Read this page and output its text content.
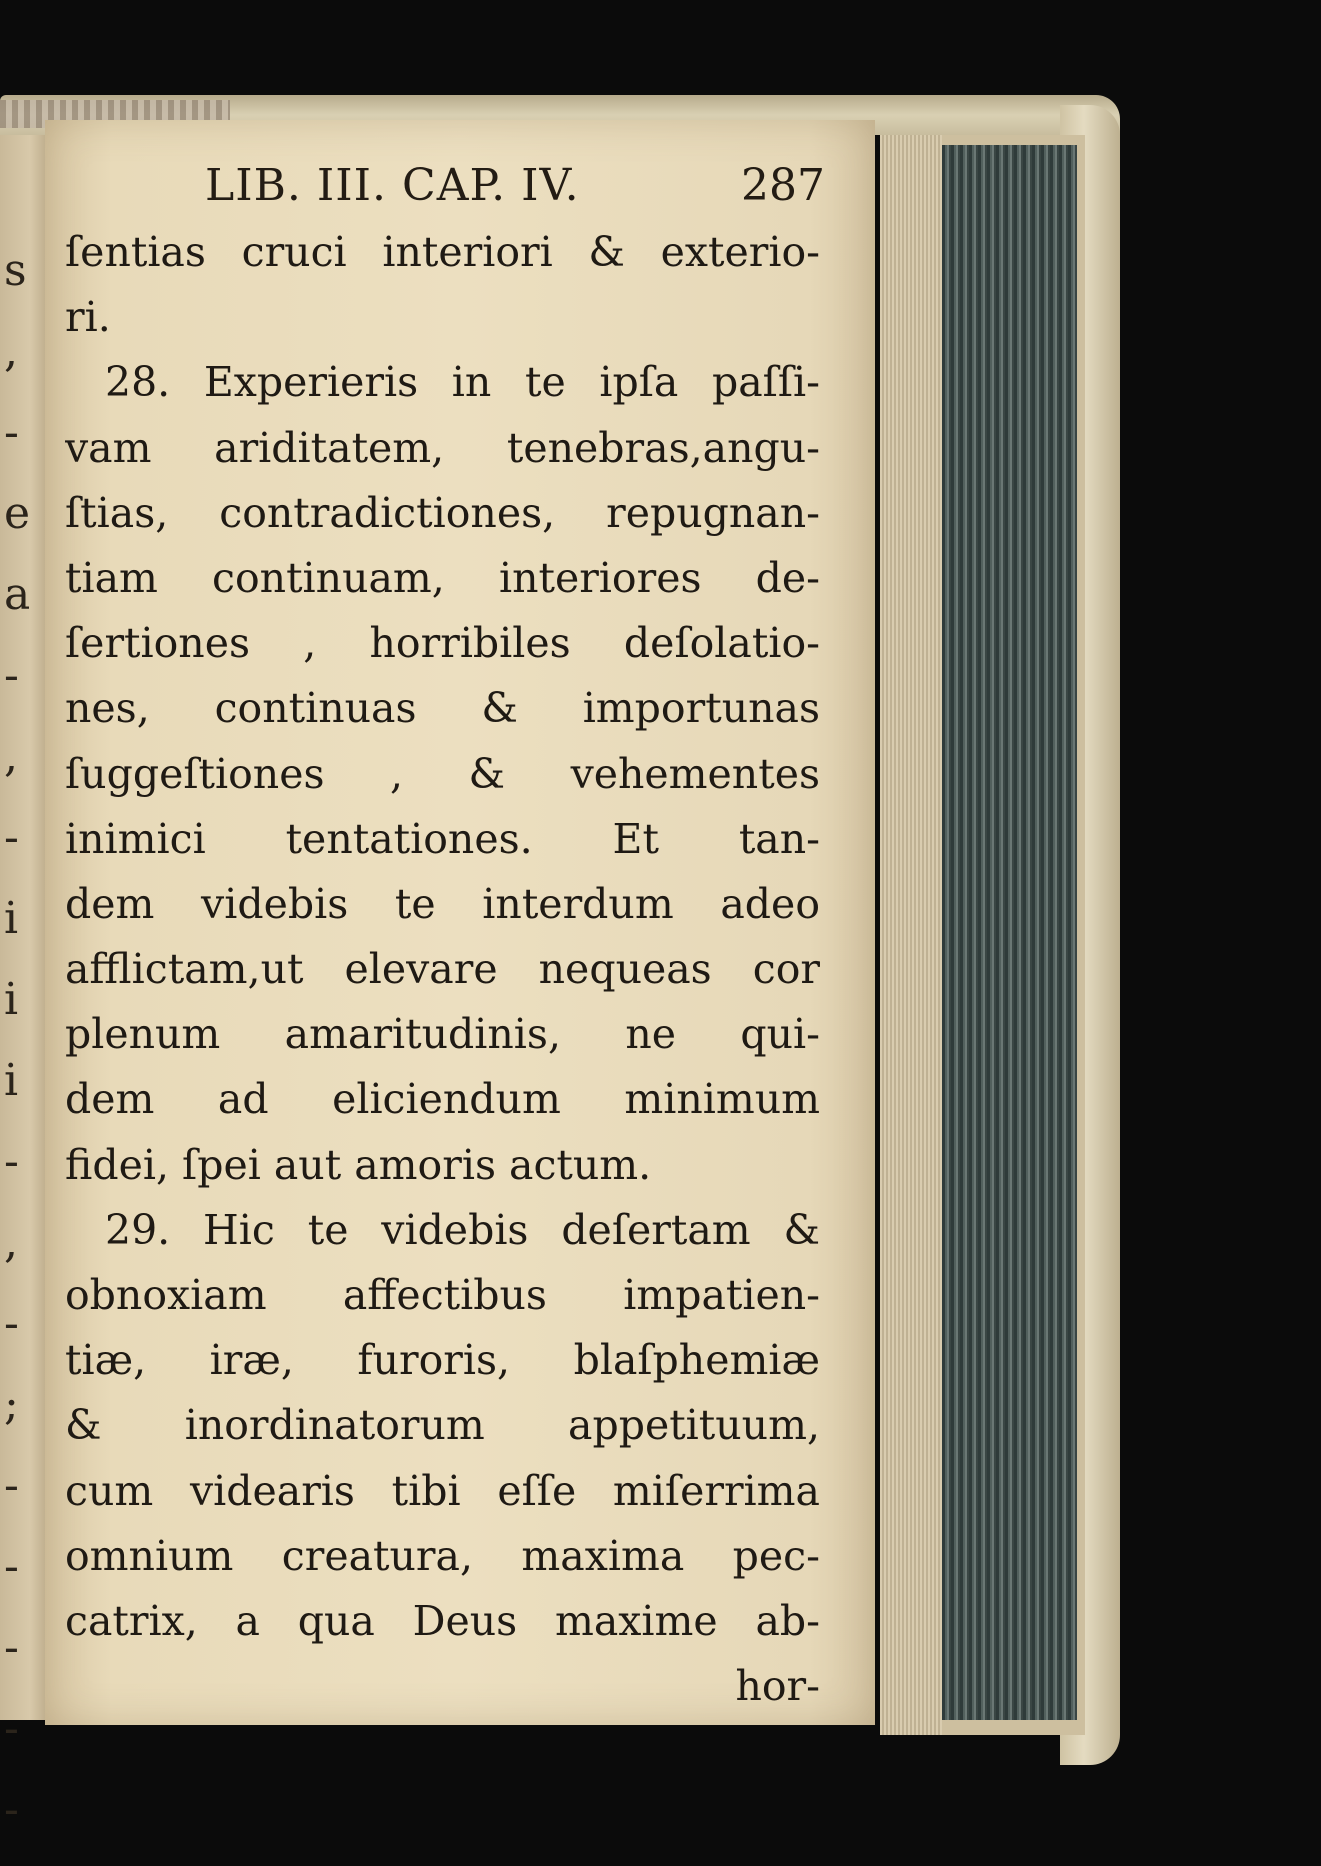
s
,
-
e
a
-
,
-
i
i
i
-
,
-
;
-
-
-
-
-
LIB. III. CAP. IV.	287
ſentias cruci interiori & exterio-
ri.
28. Experieris in te ipſa paſſi-
vam ariditatem, tenebras,angu-
ſtias, contradictiones, repugnan-
tiam continuam, interiores de-
ſertiones , horribiles deſolatio-
nes, continuas & importunas
ſuggeſtiones , & vehementes
inimici tentationes. Et tan-
dem videbis te interdum adeo
afflictam,ut elevare nequeas cor
plenum amaritudinis, ne qui-
dem ad eliciendum minimum
fidei, ſpei aut amoris actum.
29. Hic te videbis deſertam &
obnoxiam affectibus impatien-
tiæ, iræ, furoris, blaſphemiæ
& inordinatorum appetituum,
cum videaris tibi eſſe miſerrima
omnium creatura, maxima pec-
catrix, a qua Deus maxime ab-
hor-
